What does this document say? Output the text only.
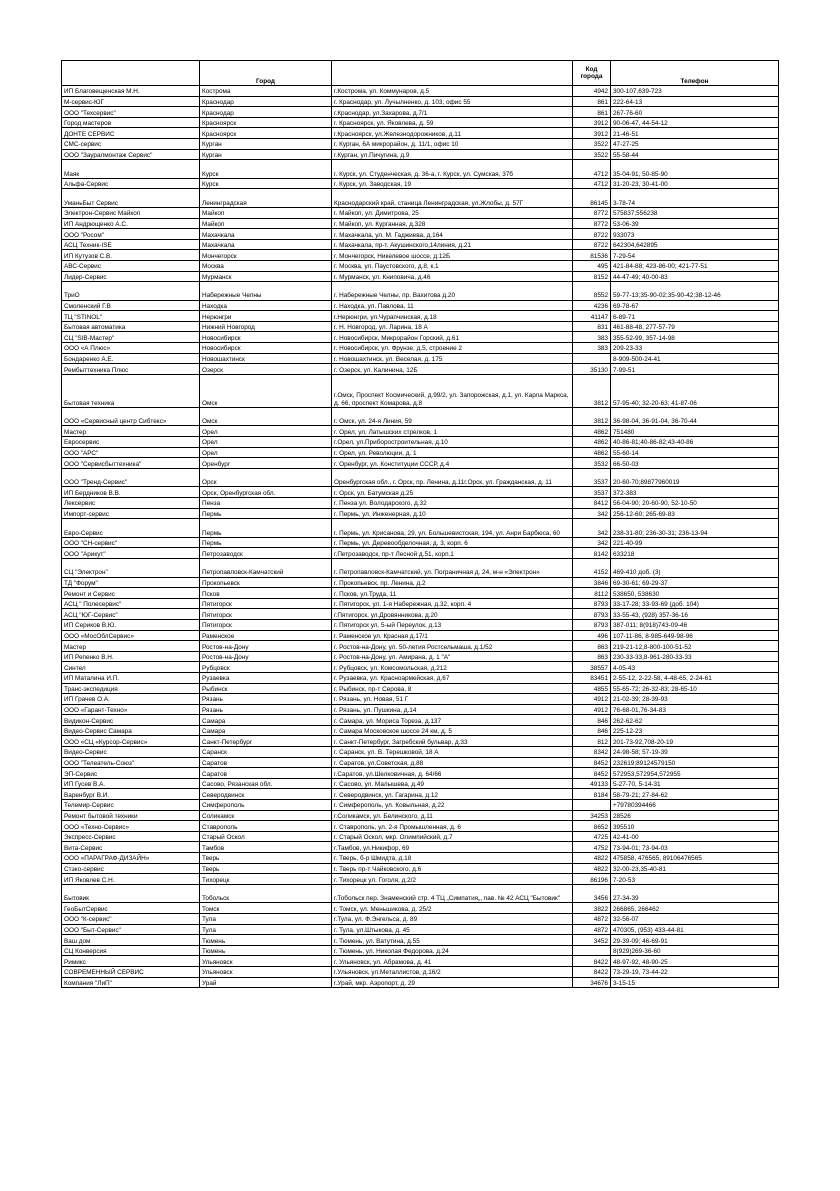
	Город		Код города	Телефон
ИП Благовещенская М.Н.	Кострома	г.Кострома, ул. Коммунаров, д.5	4942	300-107,639-723
М-сервис-ЮГ	Краснодар	г. Краснодар, ул. Лучылненко, д. 103, офис 55	861	222-64-13
ООО "Техсервис"	Краснодар	г.Краснодар, ул.Захарова, д.7/1	861	267-76-60
Город мастеров	Красноярск	г. Красноярск, ул. Яковлева, д. 59	3912	90-06-47, 44-54-12
ДОНТЕ СЕРВИС	Красноярск	г.Красноярск, ул.Железнодорожников, д.11	3912	21-46-51
СМС-сервис	Курган	г. Курган, 6А микрорайон, д. 11/1, офис 10	3522	47-27-25
ООО "Зауралмонтаж Сервис"	Курган	г.Курган, ул.Пичугина, д.9	3522	55-58-44
Маяк	Курск	г. Курск, ул. Студенческая, д. 36-а, г. Курск, ул. Сумская, 37б	4712	35-04-91, 50-85-90
Альфа-Сервис	Курск	г. Курск, ул. Заводская, 19	4712	31-20-23, 30-41-00
УманьБыт Сервис	Ленинградская	Краснодарский край, станица Ленинградская, ул.Жлобы, д. 57Г	86145	3-78-74
Электрон-Сервис Майкоп	Майкоп	г. Майкоп, ул. Димитрова, 25	8772	575837;556238
ИП Андрющенко А.С.	Майкоп	г. Майкоп, ул. Курганная, д.328	8772	53-06-39
ООО "Росом"	Махачкала	г. Махачкала, ул. М. Гаджиева, д.164	8722	933073
АСЦ Техник-ISE	Махачкала	г. Махачкала, пр-т. Акушинского,14линия, д.21	8722	642304,642895
ИП Кутузов С.В.	Мончегорск	г. Мончегорск, Никелевое шоссе, д.12Б	81536	7-29-54
АВС-Сервис	Москва	г. Москва, ул. Паустовского, д.8, к.1	495	421-84-88; 423-86-00; 421-77-51
Лидер-Сервис	Мурманск	г. Мурманск, ул. Книповича, д.46	8152	44-47-49; 40-00-83
ТриО	Набережные Челны	г. Набережные Челны, пр. Вахитова д.20	8552	59-77-13;35-90-02;35-90-42;38-12-46
Смоленский Г.В	Находка	г. Находка, ул. Павлова, 11	4236	69-78-67
ТЦ "STINOL"	Нерюнгри	г.Нерюнгри, ул.Чурапчинская, д.18	41147	6-89-71
Бытовая автоматика	Нижний Новгород	г. Н. Новгород, ул. Ларина, 18 А	831	461-88-48, 277-57-79
СЦ "SIB-Мастер"	Новосибирск	г. Новосибирск, Микрорайон Горский, д.61	383	355-52-99, 357-14-98
ООО «А Плюс»	Новосибирск	г. Новосибирск, ул. Фрунзе, д.5, строение 2	383	209-23-33
Бондаренко А.Е.	Новошахтинск	г. Новошахтинск, ул. Веселая, д. 175		8-909-500-24-41
Рембыттехника Плюс	Озерск	г. Озерск, ул. Калинина, 12Б	35130	7-99-51
Бытовая техника	Омск	г.Омск, Проспект Космический, д.99/2, ул. Запорожская, д.1, ул. Карла Маркса, д. 66, проспект Комарова, д.8	3812	57-95-40; 32-20-63; 41-87-06
ООО «Сервисный центр Сибтекс»	Омск	г. Омск, ул. 24-я Линия, 59	3812	36-98-04, 36-91-04, 36-70-44
Мастер	Орел	г. Орел, ул. Латышских стрелков, 1	4862	751480
Евросервис	Орел	г.Орел, ул.Приборостроительная, д.10	4862	40-86-81;40-86-82;43-40-86
ООО "АРС"	Орел	г. Орел, ул. Революции, д. 1	4862	55-60-14
ООО "Сервисбыттехника"	Оренбург	г. Оренбург, ул. Конституции СССР, д.4	3532	66-50-03
ООО "Тренд-Сервис"	Орск	Оренбургская обл., г. Орск, пр. Ленина, д.11г.Орск, ул. Гражданская, д. 11	3537	20-60-70;89877960019
ИП Бердников В.В.	Орск, Оренбургская обл.	г. Орск, ул. Батумская д.25	3537	372-383
Лексервис	Пенза	г. Пенза ул. Володарского, д.32	8412	56-04-90; 20-60-90, 52-10-50
Импорт-сервис	Пермь	г. Пермь, ул. Инженерная, д.10	342	256-12-60; 265-69-83
Евро-Сервис	Пермь	г. Пермь, ул. Крисанова, 29, ул. Большевистская, 194, ул. Анри Барбюса, 60	342	238-31-80; 236-30-31; 236-13-94
ООО "СН-сервис"	Пермь	г. Пермь, ул. Деревообделочная, д. 3, корп. 6	342	221-40-99
ООО "Арикут"	Петрозаводск	г.Петрозаводск, пр-т Лесной д.51, корп.1	8142	633218
СЦ "Электрон"	Петропавловск-Камчатский	г. Петропавловск-Камчатский, ул. Пограничная д. 24, м-н «Электрон»	4152	469-410 доб. (3)
ТД "Форум"	Прокопьевск	г. Прокопьевск, пр. Ленина, д.2	3846	69-30-61; 69-29-37
Ремонт и Сервис	Псков	г. Псков, ул.Труда, 11	8112	538650, 538630
АСЦ " Полесервис"	Пятигорск	г. Пятигорск, ул. 1-я Набережная, д.32, корп. 4	8793	33-17-28; 33-93-69 (доб. 104)
АСЦ "ЮГ-Сервис"	Пятигорск	г.Пятигорск, ул.Дровянникова, д.20	8793	33-55-43, (928) 357-36-16
ИП Сериков В.Ю.	Пятигорск	г. Пятигорск ул. 5-ый Переулок, д.13	8793	387-011; 8(918)743-09-46
ООО «МосОблСервис»	Раменское	г. Раменское ул. Красная д.17/1	496	107-11-86, 8-985-649-98-96
Мастер	Ростов-на-Дону	г. Ростов-на-Дону, ул. 50-летия Ростсельмаша, д.1/52	863	219-21-12,8-800-100-51-52
ИП Репенко В.Н.	Ростов-на-Дону	г. Ростов-на-Дону, ул. Амирана, д. 1 "А"	863	230-33-33,8-961-280-33-33
Синтел	Рубцовск	г. Рубцовск, ул. Комсомольская, д.212	38557	4-05-43
ИП Маталина И.П.	Рузаевка	г. Рузаевка, ул. Красноармейская, д.67	83451	2-55-12, 2-22-58, 4-48-65, 2-24-61
Транс-экспедиция	Рыбинск	г. Рыбинск, пр-т Серова, 8	4855	55-65-72; 26-32-83; 28-65-10
ИП Грачев О.А.	Рязань	г. Рязань, ул. Новая, 51 Г	4912	21-02-39; 28-39-93
ООО «Гарант-Техно»	Рязань	г. Рязань, ул. Пушкина, д.14	4912	76-68-01,76-34-83
Видикон-Сервис	Самара	г. Самара, ул. Мориса Тореза, д.137	846	262-62-62
Видео-Сервис Самара	Самара	г. Самара Московское шоссе 24 км, д. 5	846	225-12-23
ООО «СЦ «Курсор-Сервис»	Санкт-Петербург	г. Санкт-Петербург, Загребский бульвар, д.33	812	201-73-92,708-20-19
Видео-Сервис	Саранск	г. Саранск, ул. В. Терешковой, 18 А	8342	24-98-58; 57-19-39
ООО "Телеатель-Союз"	Саратов	г. Саратов, ул.Советская, д.88	8452	232619;89124579150
ЭП-Сервис	Саратов	г.Саратов, ул.Шелковичная, д. 64/66	8452	572953,572954,572955
ИП Гусев В.А.	Сасово, Рязанская обл.	г. Сасово, ул. Малышева, д.49	49133	5-27-70, 5-14-31
Варенбург В.И.	Северодвинск	г. Северодвинск, ул. Гагарина, д.12	8184	58-79-21; 27-84-62
Телемир-Сервис	Симферополь	г. Симферополь, ул. Ковыльная, д.22		+79780394466
Ремонт бытовой техники	Соликамск	г.Соликамск, ул. Белинского, д.11	34253	28526
ООО «Техно-Сервис»	Ставрополь	г. Ставрополь, ул. 2-я Промышленная, д. 6	8652	395510
Экспресс-Сервис	Старый Оскол	г. Старый Оскол, мкр. Олимпийский, д.7	4725	42-41-00
Вита-Сервис	Тамбов	г.Тамбов, ул.Никифор, 69	4752	73-94-01; 73-94-03
ООО «ПАРАГРАФ-ДИЗАЙН»	Тверь	г. Тверь, б-р Шмидта, д.18	4822	475858, 476565, 89106476565
Стэко-сервис	Тверь	г. Тверь пр-т Чайковского, д.6	4822	32-00-23,35-40-81
ИП Яковлев С.Н.	Тихорецк	г. Тихорецк ул. Гоголя, д.2/2	86196	7-20-53
Бытовик	Тобольск	г.Тобольск пер. Знаменский стр. 4 ТЦ „Симпатия„, пав. № 42 АСЦ "Бытовик"	3456	27-34-39
ГеоБытСервис	Томск	г. Томск, ул. Меньшикова, д. 25/2	3822	266865, 266462
ООО "К-сервис"	Тула	г.Тула, ул. Ф.Энгельса, д. 89	4872	32-56-07
ООО "Быт-Сервис"	Тула	г. Тула, ул.Штыкова, д. 45	4872	470305, (953) 433-44-81
Ваш дом	Тюмень	г. Тюмень, ул. Ватутина, д.55	3452	29-39-09; 46-69-91
СЦ Конверсия	Тюмень	г. Тюмень, ул. Николая Федорова, д.24		8(929)269-36-60
Римикс	Ульяновск	г. Ульяновск, ул. Абрамова, д. 41	8422	48-97-92, 48-90-25
СОВРЕМЕННЫЙ СЕРВИС	Ульяновск	г.Ульяновск, ул.Металлистов, д.16/2	8422	73-29-19, 73-44-22
Компания "ЛиП"	Урай	г.Урай, мкр. Аэропорт, д. 29	34676	3-15-15
